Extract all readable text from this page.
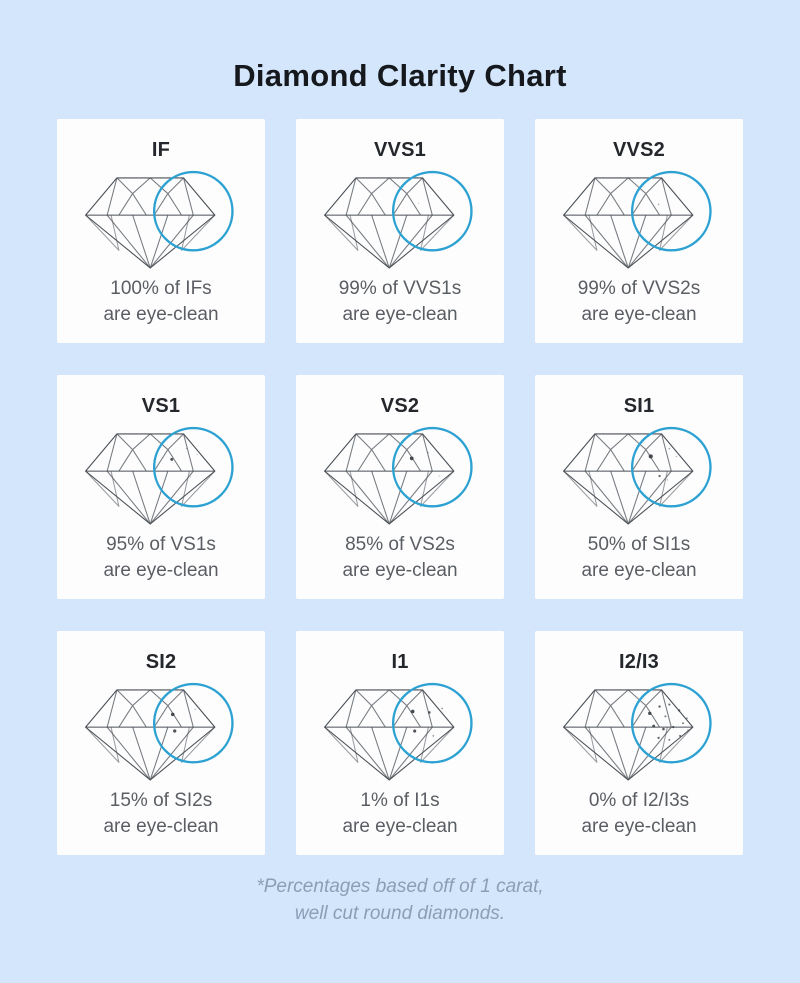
Diamond Clarity Chart
IF
100% of IFs
are eye-clean
VVS1
99% of VVS1s
are eye-clean
VVS2
99% of VVS2s
are eye-clean
VS1
95% of VS1s
are eye-clean
VS2
85% of VS2s
are eye-clean
SI1
50% of SI1s
are eye-clean
SI2
15% of SI2s
are eye-clean
I1
1% of I1s
are eye-clean
I2/I3
0% of I2/I3s
are eye-clean
*Percentages based off of 1 carat,
well cut round diamonds.
